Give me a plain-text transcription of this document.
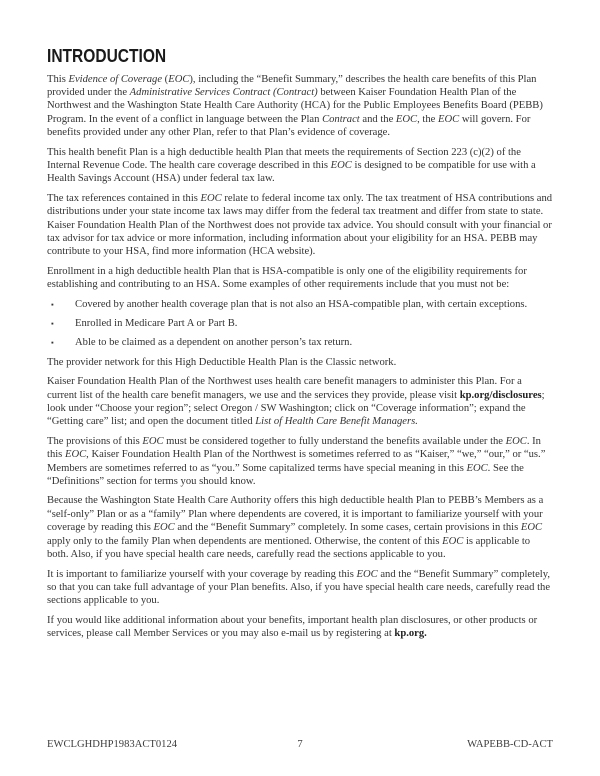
INTRODUCTION

This Evidence of Coverage (EOC), including the “Benefit Summary,” describes the health care benefits of this Plan provided under the Administrative Services Contract (Contract) between Kaiser Foundation Health Plan of the Northwest and the Washington State Health Care Authority (HCA) for the Public Employees Benefits Board (PEBB) Program. In the event of a conflict in language between the Plan Contract and the EOC, the EOC will govern. For benefits provided under any other Plan, refer to that Plan’s evidence of coverage.

This health benefit Plan is a high deductible health Plan that meets the requirements of Section 223 (c)(2) of the Internal Revenue Code. The health care coverage described in this EOC is designed to be compatible for use with a Health Savings Account (HSA) under federal tax law.

The tax references contained in this EOC relate to federal income tax only. The tax treatment of HSA contributions and distributions under your state income tax laws may differ from the federal tax treatment and differ from state to state. Kaiser Foundation Health Plan of the Northwest does not provide tax advice. You should consult with your financial or tax advisor for tax advice or more information, including information about your eligibility for an HSA. PEBB may contribute to your HSA, find more information (HCA website).

Enrollment in a high deductible health Plan that is HSA-compatible is only one of the eligibility requirements for establishing and contributing to an HSA. Some examples of other requirements include that you must not be:

▪	Covered by another health coverage plan that is not also an HSA-compatible plan, with certain exceptions.
▪	Enrolled in Medicare Part A or Part B.
▪	Able to be claimed as a dependent on another person’s tax return.

The provider network for this High Deductible Health Plan is the Classic network.

Kaiser Foundation Health Plan of the Northwest uses health care benefit managers to administer this Plan. For a current list of the health care benefit managers, we use and the services they provide, please visit kp.org/disclosures; look under “Choose your region”; select Oregon / SW Washington; click on “Coverage information”; expand the “Getting care” list; and open the document titled List of Health Care Benefit Managers.

The provisions of this EOC must be considered together to fully understand the benefits available under the EOC. In this EOC, Kaiser Foundation Health Plan of the Northwest is sometimes referred to as “Kaiser,” “we,” “our,” or “us.” Members are sometimes referred to as “you.” Some capitalized terms have special meaning in this EOC. See the “Definitions” section for terms you should know.

Because the Washington State Health Care Authority offers this high deductible health Plan to PEBB’s Members as a “self-only” Plan or as a “family” Plan where dependents are covered, it is important to familiarize yourself with your coverage by reading this EOC and the “Benefit Summary” completely. In some cases, certain provisions in this EOC apply only to the family Plan when dependents are mentioned. Otherwise, the content of this EOC is applicable to both. Also, if you have special health care needs, carefully read the sections applicable to you.

It is important to familiarize yourself with your coverage by reading this EOC and the “Benefit Summary” completely, so that you can take full advantage of your Plan benefits. Also, if you have special health care needs, carefully read the sections applicable to you.

If you would like additional information about your benefits, important health plan disclosures, or other products or services, please call Member Services or you may also e-mail us by registering at kp.org.

EWCLGHDHP1983ACT0124	7	WAPEBB-CD-ACT
